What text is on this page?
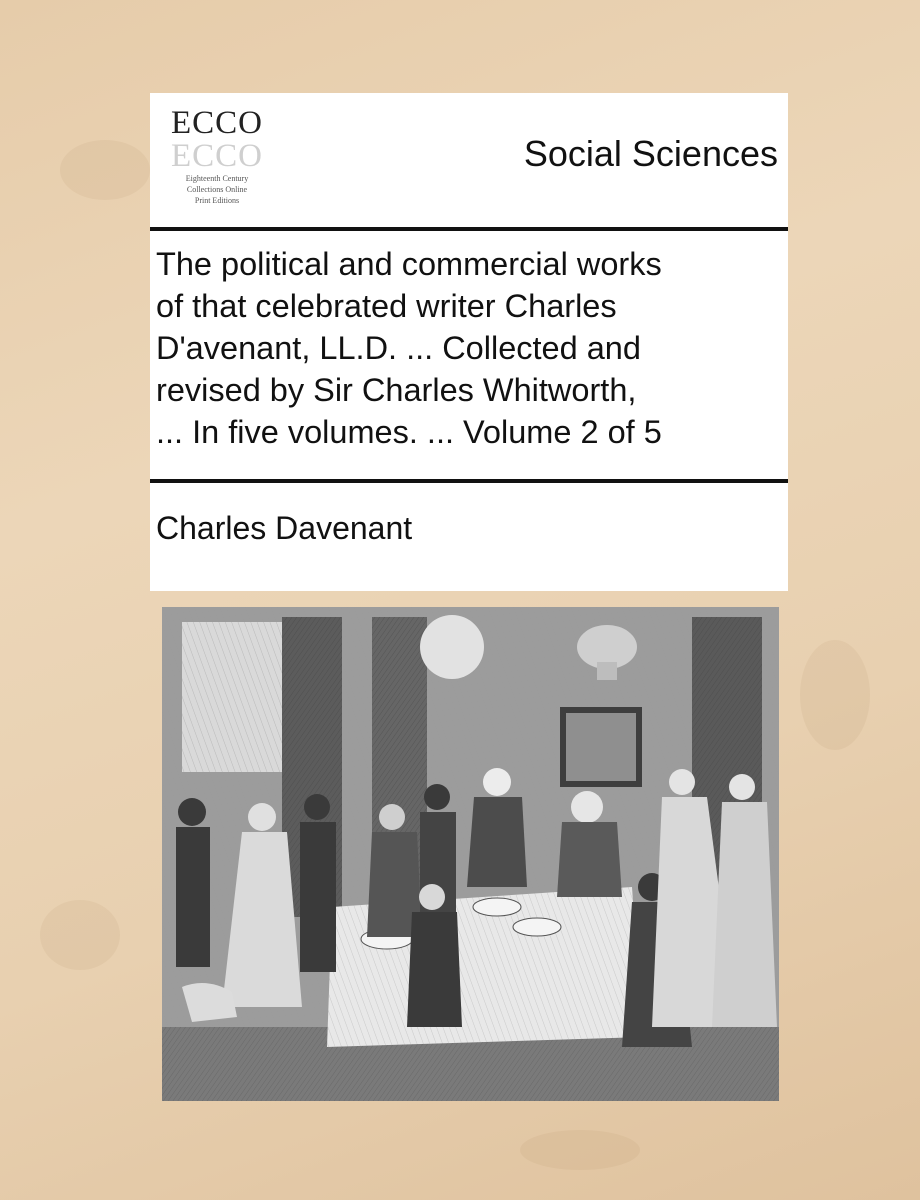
ECCO
ECCO
Eighteenth Century
Collections Online
Print Editions
Social Sciences
The political and commercial works
of that celebrated writer Charles
D'avenant, LL.D. ... Collected and
revised by Sir Charles Whitworth,
... In five volumes. ... Volume 2 of 5
Charles Davenant
